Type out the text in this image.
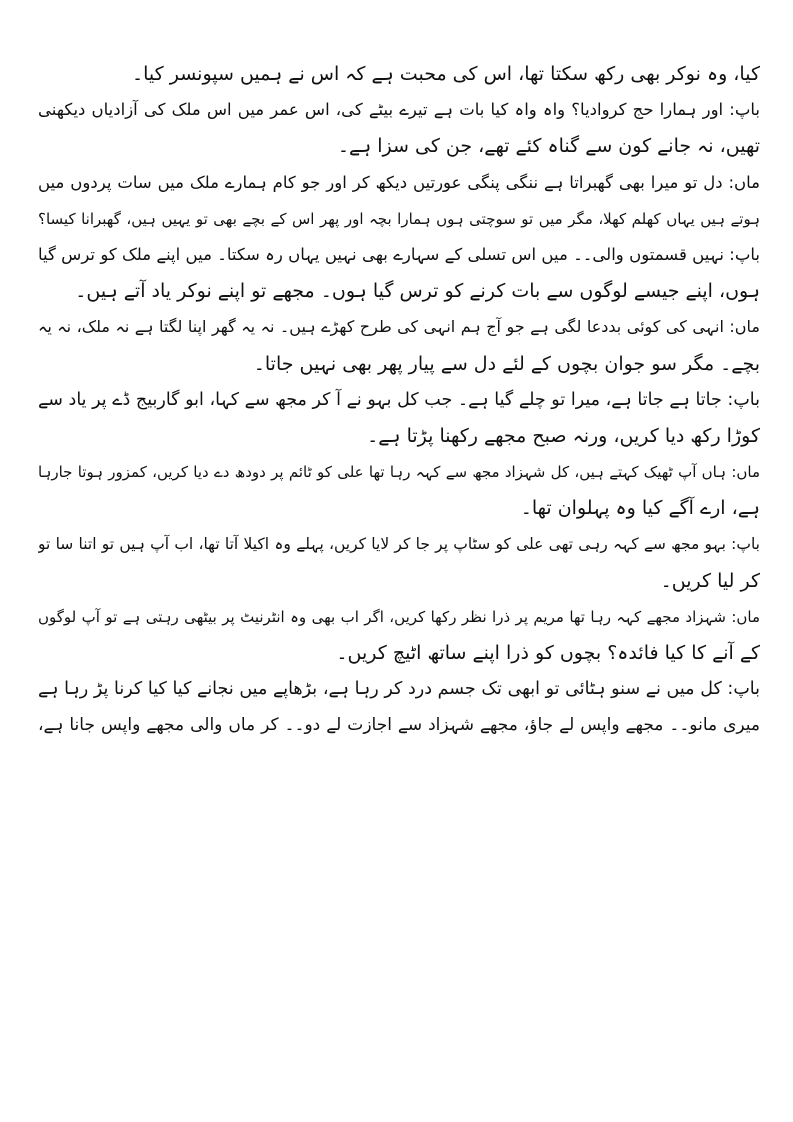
کیا، وہ نوکر بھی رکھ سکتا تھا، اس کی محبت ہے کہ اس نے ہمیں سپونسر کیا۔
باپ: اور ہمارا حج کروادیا؟ واہ واہ کیا بات ہے تیرے بیٹے کی، اس عمر میں اس ملک کی آزادیاں دیکھنی
تھیں، نہ جانے کون سے گناہ کئے تھے، جن کی سزا ہے۔
ماں: دل تو میرا بھی گھبراتا ہے ننگی پنگی عورتیں دیکھ کر اور جو کام ہمارے ملک میں سات پردوں میں
ہوتے ہیں یہاں کھلم کھلا، مگر میں تو سوچتی ہوں ہمارا بچہ اور پھر اس کے بچے بھی تو یہیں ہیں، گھبرانا کیسا؟
باپ: نہیں قسمتوں والی۔۔ میں اس تسلی کے سہارے بھی نہیں یہاں رہ سکتا۔ میں اپنے ملک کو ترس گیا
ہوں، اپنے جیسے لوگوں سے بات کرنے کو ترس گیا ہوں۔ مجھے تو اپنے نوکر یاد آتے ہیں۔
ماں: انہی کی کوئی بددعا لگی ہے جو آج ہم انہی کی طرح کھڑے ہیں۔ نہ یہ گھر اپنا لگتا ہے نہ ملک، نہ یہ
بچے۔ مگر سو جوان بچوں کے لئے دل سے پیار پھر بھی نہیں جاتا۔
باپ: جاتا ہے جاتا ہے، میرا تو چلے گیا ہے۔ جب کل بہو نے آ کر مجھ سے کہا، ابو گاربیج ڈے پر یاد سے
کوڑا رکھ دیا کریں، ورنہ صبح مجھے رکھنا پڑتا ہے۔
ماں: ہاں آپ ٹھیک کہتے ہیں، کل شہزاد مجھ سے کہہ رہا تھا علی کو ٹائم پر دودھ دے دیا کریں، کمزور ہوتا جارہا
ہے، ارے آگے کیا وہ پہلوان تھا۔
باپ: بہو مجھ سے کہہ رہی تھی علی کو سٹاپ پر جا کر لایا کریں، پہلے وہ اکیلا آتا تھا، اب آپ ہیں تو اتنا سا تو
کر لیا کریں۔
ماں: شہزاد مجھے کہہ رہا تھا مریم پر ذرا نظر رکھا کریں، اگر اب بھی وہ انٹرنیٹ پر بیٹھی رہتی ہے تو آپ لوگوں
کے آنے کا کیا فائدہ؟ بچوں کو ذرا اپنے ساتھ اٹیچ کریں۔
باپ: کل میں نے سنو ہٹائی تو ابھی تک جسم درد کر رہا ہے، بڑھاپے میں نجانے کیا کیا کرنا پڑ رہا ہے
میری مانو۔۔ مجھے واپس لے جاؤ، مجھے شہزاد سے اجازت لے دو۔۔ کر ماں والی مجھے واپس جانا ہے،
